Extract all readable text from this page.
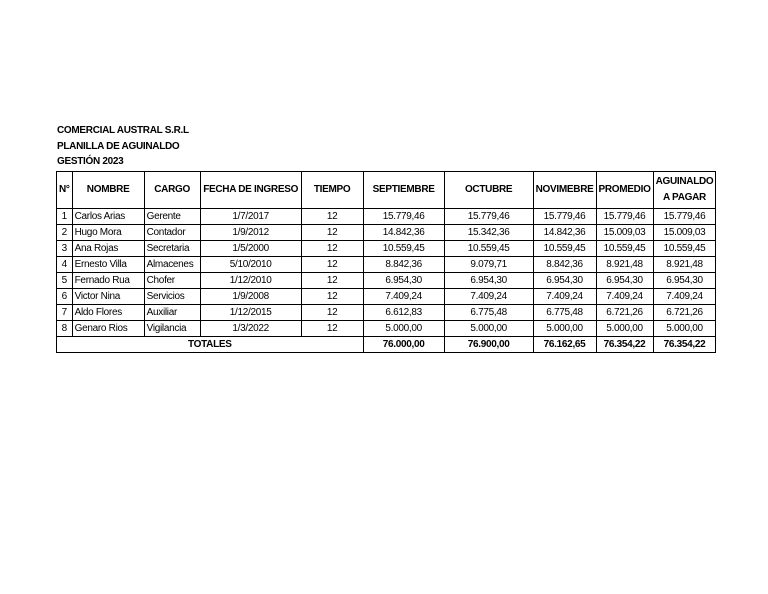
COMERCIAL AUSTRAL S.R.L
PLANILLA DE AGUINALDO
GESTIÓN 2023
N°	NOMBRE	CARGO	FECHA DE INGRESO	TIEMPO	SEPTIEMBRE	OCTUBRE	NOVIMEBRE	PROMEDIO	AGUINALDO A PAGAR
1	Carlos Arias	Gerente	1/7/2017	12	15.779,46	15.779,46	15.779,46	15.779,46	15.779,46
2	Hugo Mora	Contador	1/9/2012	12	14.842,36	15.342,36	14.842,36	15.009,03	15.009,03
3	Ana Rojas	Secretaria	1/5/2000	12	10.559,45	10.559,45	10.559,45	10.559,45	10.559,45
4	Ernesto Villa	Almacenes	5/10/2010	12	8.842,36	9.079,71	8.842,36	8.921,48	8.921,48
5	Fernado Rua	Chofer	1/12/2010	12	6.954,30	6.954,30	6.954,30	6.954,30	6.954,30
6	Victor Nina	Servicios	1/9/2008	12	7.409,24	7.409,24	7.409,24	7.409,24	7.409,24
7	Aldo Flores	Auxiliar	1/12/2015	12	6.612,83	6.775,48	6.775,48	6.721,26	6.721,26
8	Genaro Rios	Vigilancia	1/3/2022	12	5.000,00	5.000,00	5.000,00	5.000,00	5.000,00
TOTALES					76.000,00	76.900,00	76.162,65	76.354,22	76.354,22
